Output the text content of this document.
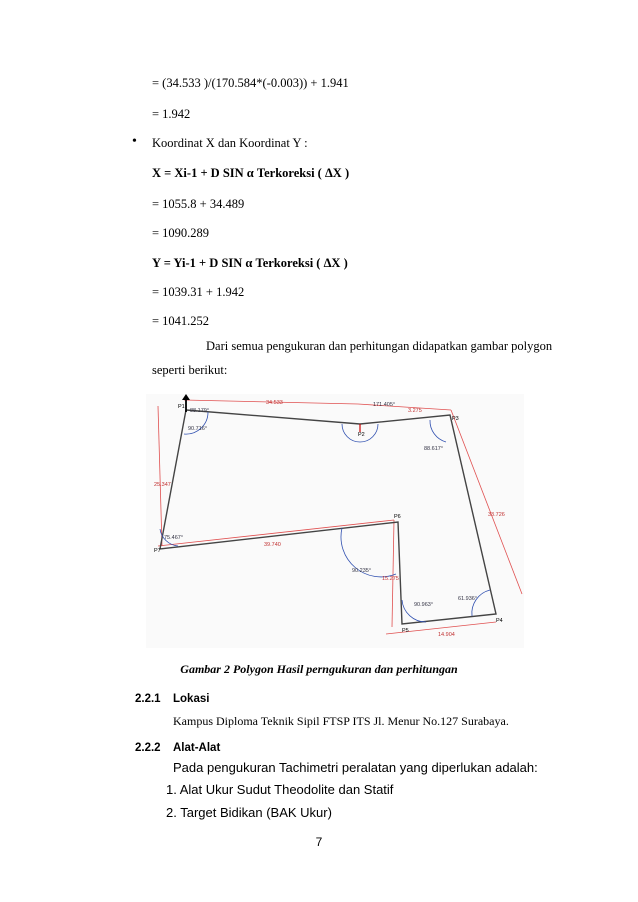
= (34.533 )/(170.584*(-0.003)) + 1.941
= 1.942
• Koordinat X dan Koordinat Y :
X = Xi-1 + D SIN α Terkoreksi ( ΔX )
= 1055.8 + 34.489
= 1090.289
Y = Yi-1 + D SIN α Terkoreksi ( ΔX )
= 1039.31 + 1.942
= 1041.252
Dari semua pengukuran dan perhitungan didapatkan gambar polygon
seperti berikut:
88.179°
90.716°
171.405°
88.617°
75.467°
90.235°
90.963°
61.936°
34.533
25.347
3.275
33.726
39.740
15.275
14.904
P1
P2
P3
P4
P5
P6
P7
Gambar 2 Polygon Hasil perngukuran dan perhitungan
2.2.1 Lokasi
Kampus Diploma Teknik Sipil FTSP ITS Jl. Menur No.127 Surabaya.
2.2.2 Alat-Alat
Pada pengukuran Tachimetri peralatan yang diperlukan adalah:
1. Alat Ukur Sudut Theodolite dan Statif
2. Target Bidikan (BAK Ukur)
7
